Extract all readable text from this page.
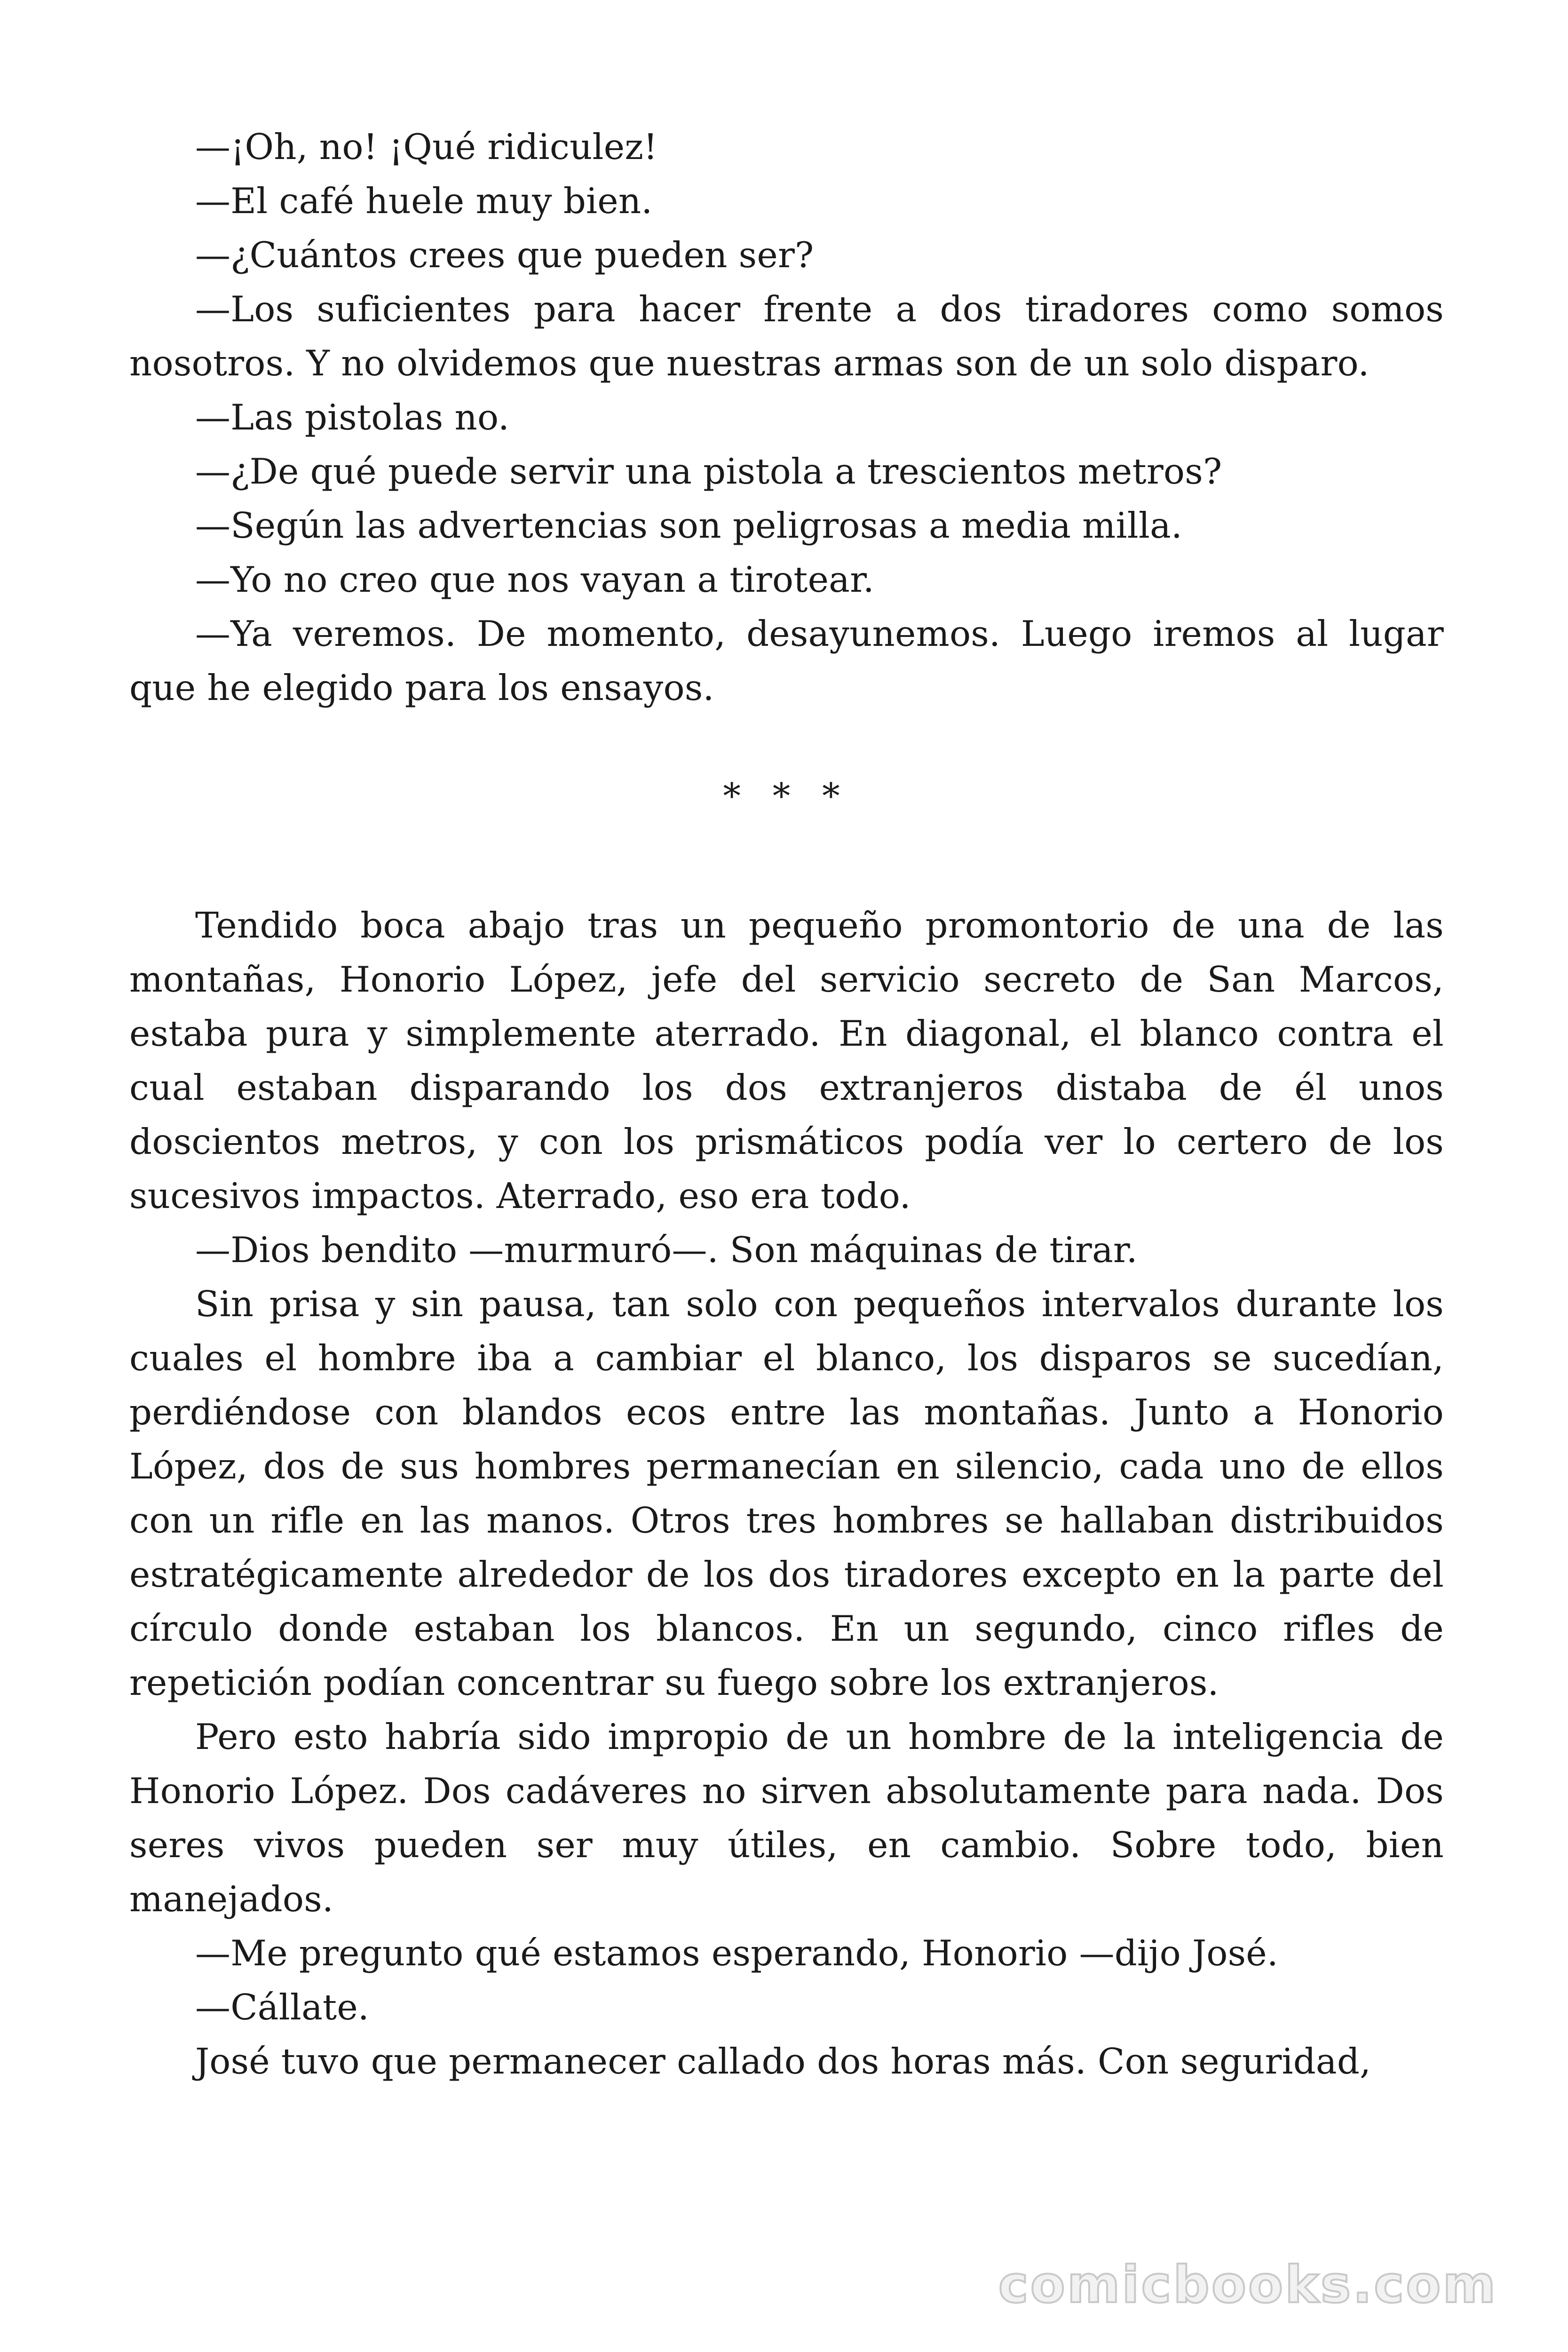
—¡Oh, no! ¡Qué ridiculez!

—El café huele muy bien.

—¿Cuántos crees que pueden ser?

—Los suficientes para hacer frente a dos tiradores como somos nosotros. Y no olvidemos que nuestras armas son de un solo disparo.

—Las pistolas no.

—¿De qué puede servir una pistola a trescientos metros?

—Según las advertencias son peligrosas a media milla.

—Yo no creo que nos vayan a tirotear.

—Ya veremos. De momento, desayunemos. Luego iremos al lugar que he elegido para los ensayos.

* * *

Tendido boca abajo tras un pequeño promontorio de una de las montañas, Honorio López, jefe del servicio secreto de San Marcos, estaba pura y simplemente aterrado. En diagonal, el blanco contra el cual estaban disparando los dos extranjeros distaba de él unos doscientos metros, y con los prismáticos podía ver lo certero de los sucesivos impactos. Aterrado, eso era todo.

—Dios bendito —murmuró—. Son máquinas de tirar.

Sin prisa y sin pausa, tan solo con pequeños intervalos durante los cuales el hombre iba a cambiar el blanco, los disparos se sucedían, perdiéndose con blandos ecos entre las montañas. Junto a Honorio López, dos de sus hombres permanecían en silencio, cada uno de ellos con un rifle en las manos. Otros tres hombres se hallaban distribuidos estratégicamente alrededor de los dos tiradores excepto en la parte del círculo donde estaban los blancos. En un segundo, cinco rifles de repetición podían concentrar su fuego sobre los extranjeros.

Pero esto habría sido impropio de un hombre de la inteligencia de Honorio López. Dos cadáveres no sirven absolutamente para nada. Dos seres vivos pueden ser muy útiles, en cambio. Sobre todo, bien manejados.

—Me pregunto qué estamos esperando, Honorio —dijo José.

—Cállate.

José tuvo que permanecer callado dos horas más. Con seguridad,

comicbooks.com
